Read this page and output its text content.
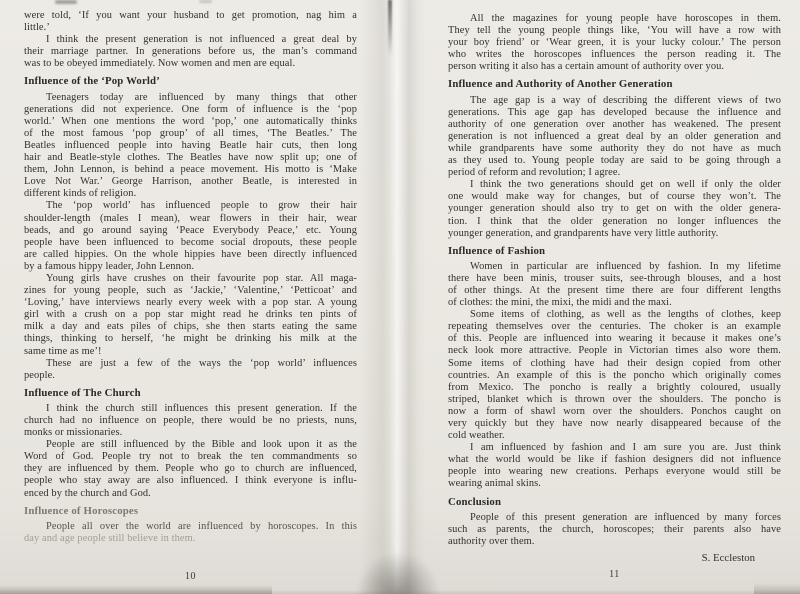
were told, ‘If you want your husband to get promotion, nag him a
little.’
I think the present generation is not influenced a great deal by
their marriage partner. In generations before us, the man’s command
was to be obeyed immediately. Now women and men are equal.
Influence of the ‘Pop World’
Teenagers today are influenced by many things that other
generations did not experience. One form of influence is the ‘pop
world.’ When one mentions the word ‘pop,’ one automatically thinks
of the most famous ‘pop group’ of all times, ‘The Beatles.’ The
Beatles influenced people into having Beatle hair cuts, then long
hair and Beatle-style clothes. The Beatles have now split up; one of
them, John Lennon, is behind a peace movement. His motto is ‘Make
Love Not War.’ George Harrison, another Beatle, is interested in
different kinds of religion.
The ‘pop world’ has influenced people to grow their hair
shoulder-length (males I mean), wear flowers in their hair, wear
beads, and go around saying ‘Peace Everybody Peace,’ etc. Young
people have been influenced to become social dropouts, these people
are called hippies. On the whole hippies have been directly influenced
by a famous hippy leader, John Lennon.
Young girls have crushes on their favourite pop star. All maga-
zines for young people, such as ‘Jackie,’ ‘Valentine,’ ‘Petticoat’ and
‘Loving,’ have interviews nearly every week with a pop star. A young
girl with a crush on a pop star might read he drinks ten pints of
milk a day and eats piles of chips, she then starts eating the same
things, thinking to herself, ‘he might be drinking his milk at the
same time as me’!
These are just a few of the ways the ‘pop world’ influences
people.
Influence of The Church
I think the church still influences this present generation. If the
church had no influence on people, there would be no priests, nuns,
monks or missionaries.
People are still influenced by the Bible and look upon it as the
Word of God. People try not to break the ten commandments so
they are influenced by them. People who go to church are influenced,
people who stay away are also influenced. I think everyone is influ-
enced by the church and God.
Influence of Horoscopes
People all over the world are influenced by horoscopes. In this
day and age people still believe in them.
10
All the magazines for young people have horoscopes in them.
They tell the young people things like, ‘You will have a row with
your boy friend’ or ‘Wear green, it is your lucky colour.’ The person
who writes the horoscopes influences the person reading it. The
person writing it also has a certain amount of authority over you.
Influence and Authority of Another Generation
The age gap is a way of describing the different views of two
generations. This age gap has developed because the influence and
authority of one generation over another has weakened. The present
generation is not influenced a great deal by an older generation and
while grandparents have some authority they do not have as much
as they used to. Young people today are said to be going through a
period of reform and revolution; I agree.
I think the two generations should get on well if only the older
one would make way for changes, but of course they won’t. The
younger generation should also try to get on with the older genera-
tion. I think that the older generation no longer influences the
younger generation, and grandparents have very little authority.
Influence of Fashion
Women in particular are influenced by fashion. In my lifetime
there have been minis, trouser suits, see-through blouses, and a host
of other things. At the present time there are four different lengths
of clothes: the mini, the mixi, the midi and the maxi.
Some items of clothing, as well as the lengths of clothes, keep
repeating themselves over the centuries. The choker is an example
of this. People are influenced into wearing it because it makes one’s
neck look more attractive. People in Victorian times also wore them.
Some items of clothing have had their design copied from other
countries. An example of this is the poncho which originally comes
from Mexico. The poncho is really a brightly coloured, usually
striped, blanket which is thrown over the shoulders. The poncho is
now a form of shawl worn over the shoulders. Ponchos caught on
very quickly but they have now nearly disappeared because of the
cold weather.
I am influenced by fashion and I am sure you are. Just think
what the world would be like if fashion designers did not influence
people into wearing new creations. Perhaps everyone would still be
wearing animal skins.
Conclusion
People of this present generation are influenced by many forces
such as parents, the church, horoscopes; their parents also have
authority over them.
S. Eccleston
11
